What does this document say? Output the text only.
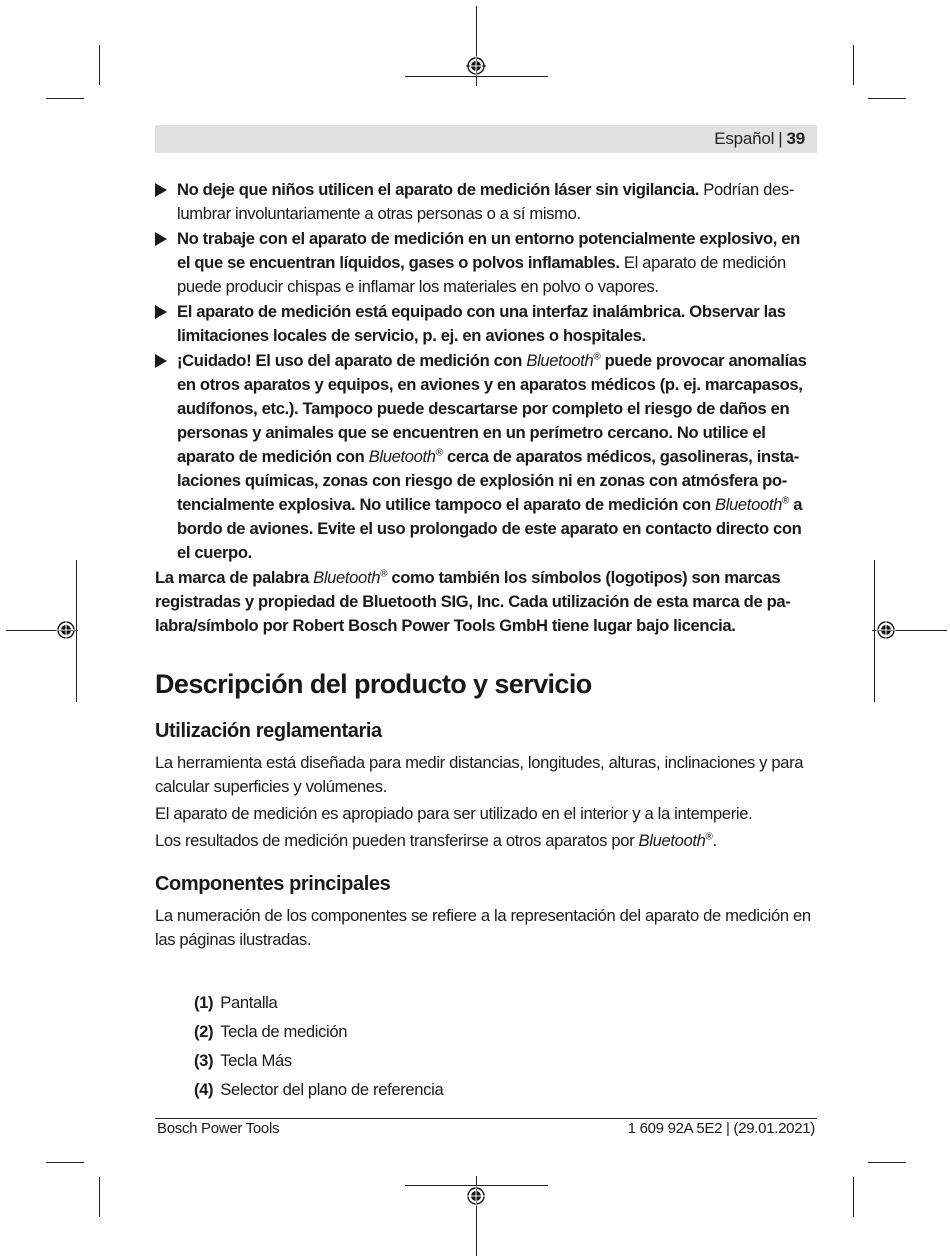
Español | 39
No deje que niños utilicen el aparato de medición láser sin vigilancia. Podrían deslumbrar involuntariamente a otras personas o a sí mismo.
No trabaje con el aparato de medición en un entorno potencialmente explosivo, en el que se encuentran líquidos, gases o polvos inflamables. El aparato de medición puede producir chispas e inflamar los materiales en polvo o vapores.
El aparato de medición está equipado con una interfaz inalámbrica. Observar las limitaciones locales de servicio, p. ej. en aviones o hospitales.
¡Cuidado! El uso del aparato de medición con Bluetooth® puede provocar anomalías en otros aparatos y equipos, en aviones y en aparatos médicos (p. ej. marcapasos, audífonos, etc.). Tampoco puede descartarse por completo el riesgo de daños en personas y animales que se encuentren en un perímetro cercano. No utilice el aparato de medición con Bluetooth® cerca de aparatos médicos, gasolineras, instalaciones químicas, zonas con riesgo de explosión ni en zonas con atmósfera potencialmente explosiva. No utilice tampoco el aparato de medición con Bluetooth® a bordo de aviones. Evite el uso prolongado de este aparato en contacto directo con el cuerpo.
La marca de palabra Bluetooth® como también los símbolos (logotipos) son marcas registradas y propiedad de Bluetooth SIG, Inc. Cada utilización de esta marca de palabra/símbolo por Robert Bosch Power Tools GmbH tiene lugar bajo licencia.
Descripción del producto y servicio
Utilización reglamentaria
La herramienta está diseñada para medir distancias, longitudes, alturas, inclinaciones y para calcular superficies y volúmenes.
El aparato de medición es apropiado para ser utilizado en el interior y a la intemperie.
Los resultados de medición pueden transferirse a otros aparatos por Bluetooth®.
Componentes principales
La numeración de los componentes se refiere a la representación del aparato de medición en las páginas ilustradas.
(1) Pantalla
(2) Tecla de medición
(3) Tecla Más
(4) Selector del plano de referencia
Bosch Power Tools	1 609 92A 5E2 | (29.01.2021)
